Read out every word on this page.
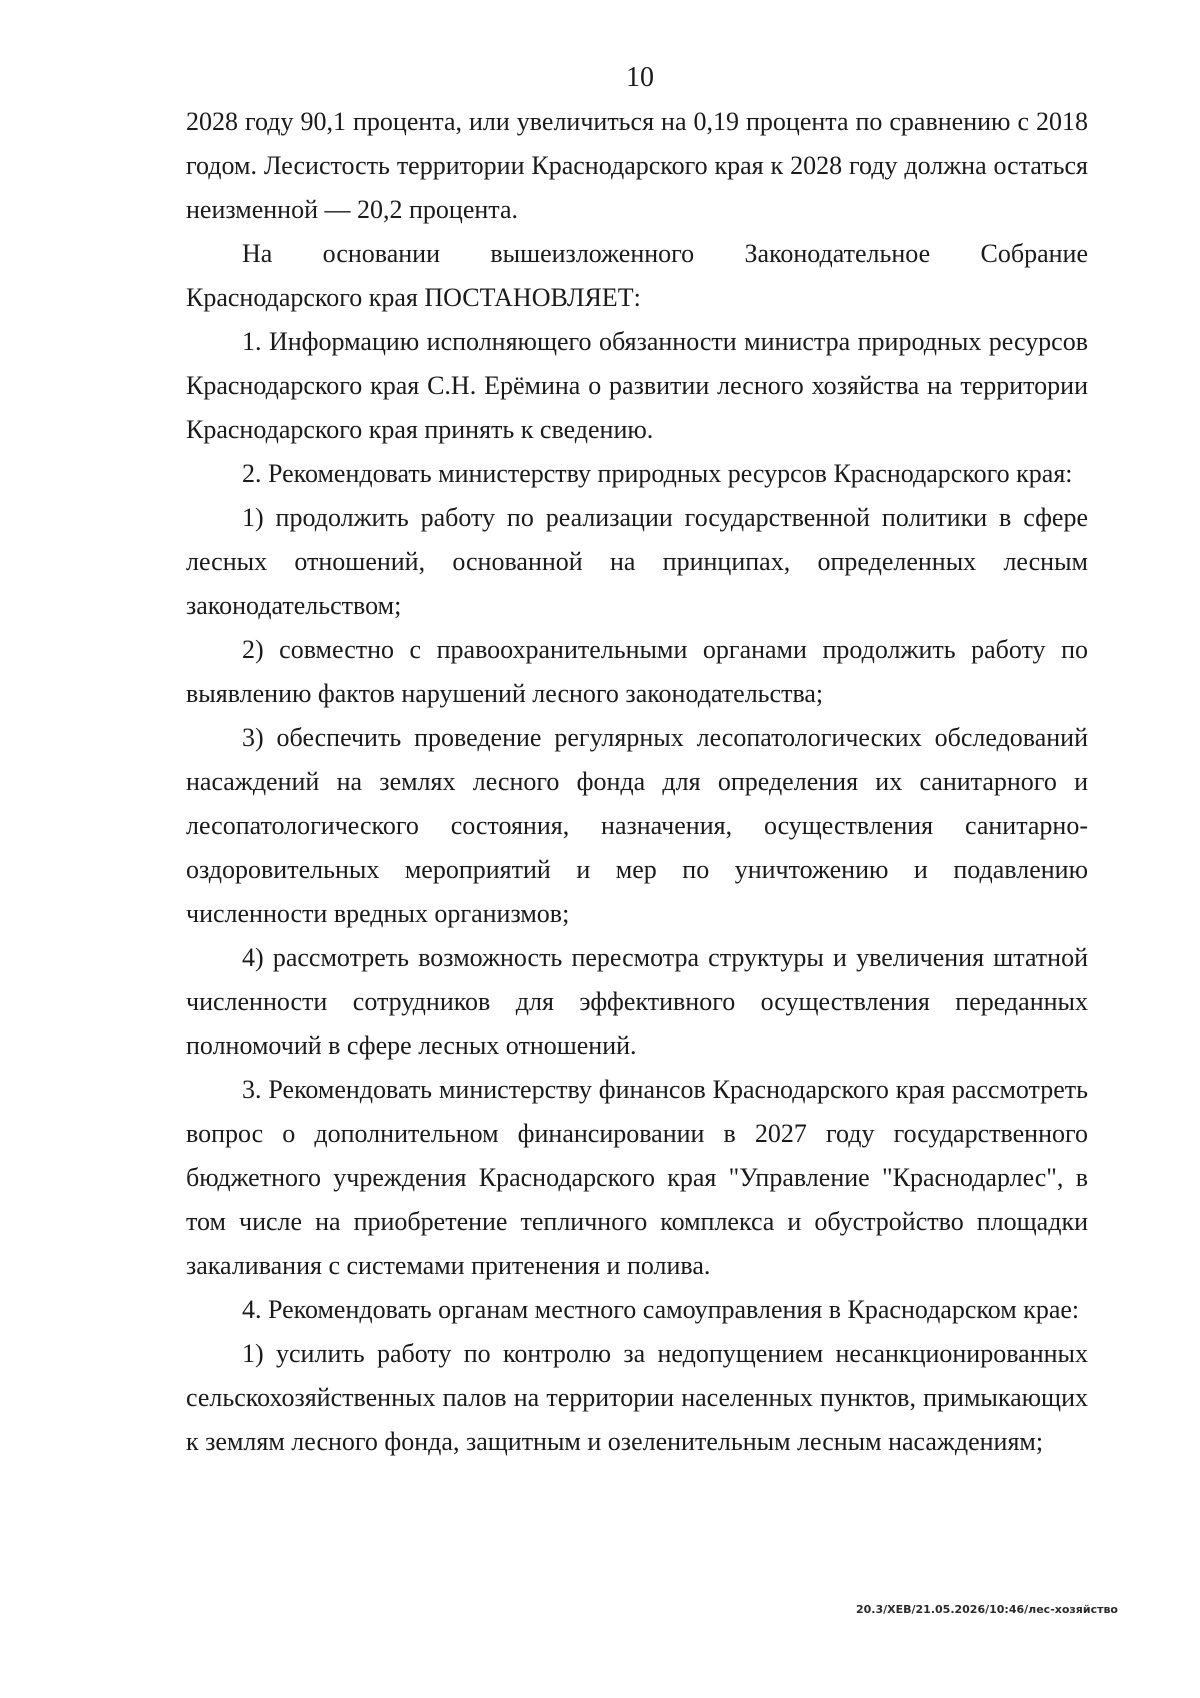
10

2028 году 90,1 процента, или увеличиться на 0,19 процента по сравнению с 2018 годом. Лесистость территории Краснодарского края к 2028 году должна остаться неизменной — 20,2 процента.

На основании вышеизложенного Законодательное Собрание Краснодарского края ПОСТАНОВЛЯЕТ:

1. Информацию исполняющего обязанности министра природных ресурсов Краснодарского края С.Н. Ерёмина о развитии лесного хозяйства на территории Краснодарского края принять к сведению.

2. Рекомендовать министерству природных ресурсов Краснодарского края:

1) продолжить работу по реализации государственной политики в сфере лесных отношений, основанной на принципах, определенных лесным законодательством;

2) совместно с правоохранительными органами продолжить работу по выявлению фактов нарушений лесного законодательства;

3) обеспечить проведение регулярных лесопатологических обследований насаждений на землях лесного фонда для определения их санитарного и лесопатологического состояния, назначения, осуществления санитарно-оздоровительных мероприятий и мер по уничтожению и подавлению численности вредных организмов;

4) рассмотреть возможность пересмотра структуры и увеличения штатной численности сотрудников для эффективного осуществления переданных полномочий в сфере лесных отношений.

3. Рекомендовать министерству финансов Краснодарского края рассмотреть вопрос о дополнительном финансировании в 2027 году государственного бюджетного учреждения Краснодарского края "Управление "Краснодарлес", в том числе на приобретение тепличного комплекса и обустройство площадки закаливания с системами притенения и полива.

4. Рекомендовать органам местного самоуправления в Краснодарском крае:

1) усилить работу по контролю за недопущением несанкционированных сельскохозяйственных палов на территории населенных пунктов, примыкающих к землям лесного фонда, защитным и озеленительным лесным насаждениям;

20.3/ХЕВ/21.05.2026/10:46/лес-хозяйство
